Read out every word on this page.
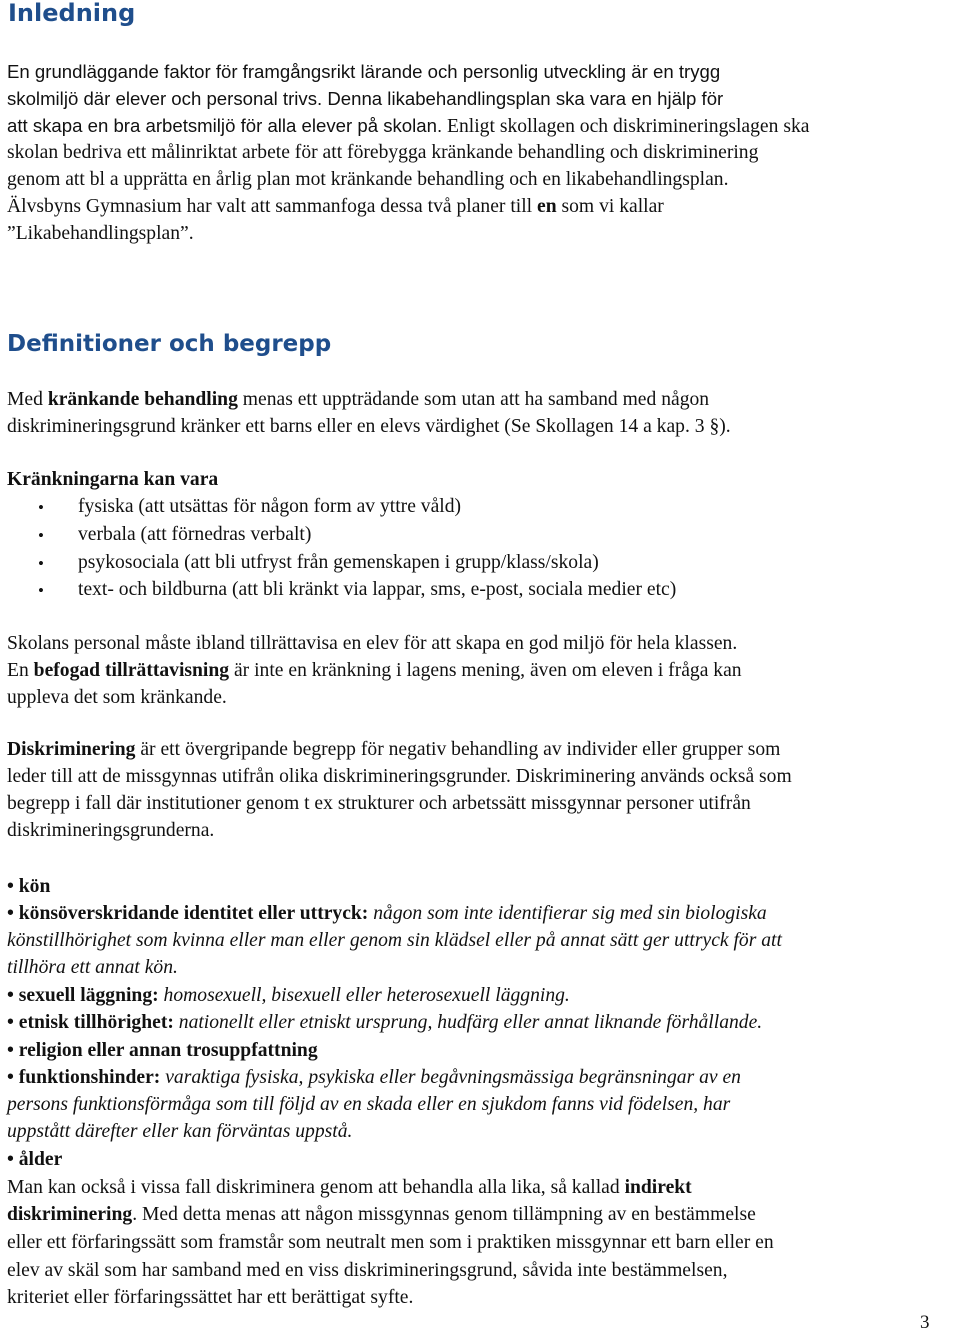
Inledning

En grundläggande faktor för framgångsrikt lärande och personlig utveckling är en trygg

skolmiljö där elever och personal trivs. Denna likabehandlingsplan ska vara en hjälp för

att skapa en bra arbetsmiljö för alla elever på skolan. Enligt skollagen och diskrimineringslagen ska

skolan bedriva ett målinriktat arbete för att förebygga kränkande behandling och diskriminering

genom att bl a upprätta en årlig plan mot kränkande behandling och en likabehandlingsplan.

Älvsbyns Gymnasium har valt att sammanfoga dessa två planer till en som vi kallar

”Likabehandlingsplan”.

Definitioner och begrepp

Med kränkande behandling menas ett uppträdande som utan att ha samband med någon

diskrimineringsgrund kränker ett barns eller en elevs värdighet (Se Skollagen 14 a kap. 3 §).

Kränkningarna kan vara

• fysiska (att utsättas för någon form av yttre våld)

• verbala (att förnedras verbalt)

• psykosociala (att bli utfryst från gemenskapen i grupp/klass/skola)

• text- och bildburna (att bli kränkt via lappar, sms, e-post, sociala medier etc)

Skolans personal måste ibland tillrättavisa en elev för att skapa en god miljö för hela klassen.

En befogad tillrättavisning är inte en kränkning i lagens mening, även om eleven i fråga kan

uppleva det som kränkande.

Diskriminering är ett övergripande begrepp för negativ behandling av individer eller grupper som

leder till att de missgynnas utifrån olika diskrimineringsgrunder. Diskriminering används också som

begrepp i fall där institutioner genom t ex strukturer och arbetssätt missgynnar personer utifrån

diskrimineringsgrunderna.

• kön

• könsöverskridande identitet eller uttryck: någon som inte identifierar sig med sin biologiska

könstillhörighet som kvinna eller man eller genom sin klädsel eller på annat sätt ger uttryck för att

tillhöra ett annat kön.

• sexuell läggning: homosexuell, bisexuell eller heterosexuell läggning.

• etnisk tillhörighet: nationellt eller etniskt ursprung, hudfärg eller annat liknande förhållande.

• religion eller annan trosuppfattning

• funktionshinder: varaktiga fysiska, psykiska eller begåvningsmässiga begränsningar av en

persons funktionsförmåga som till följd av en skada eller en sjukdom fanns vid födelsen, har

uppstått därefter eller kan förväntas uppstå.

• ålder

Man kan också i vissa fall diskriminera genom att behandla alla lika, så kallad indirekt

diskriminering. Med detta menas att någon missgynnas genom tillämpning av en bestämmelse

eller ett förfaringssätt som framstår som neutralt men som i praktiken missgynnar ett barn eller en

elev av skäl som har samband med en viss diskrimineringsgrund, såvida inte bestämmelsen,

kriteriet eller förfaringssättet har ett berättigat syfte.

3
